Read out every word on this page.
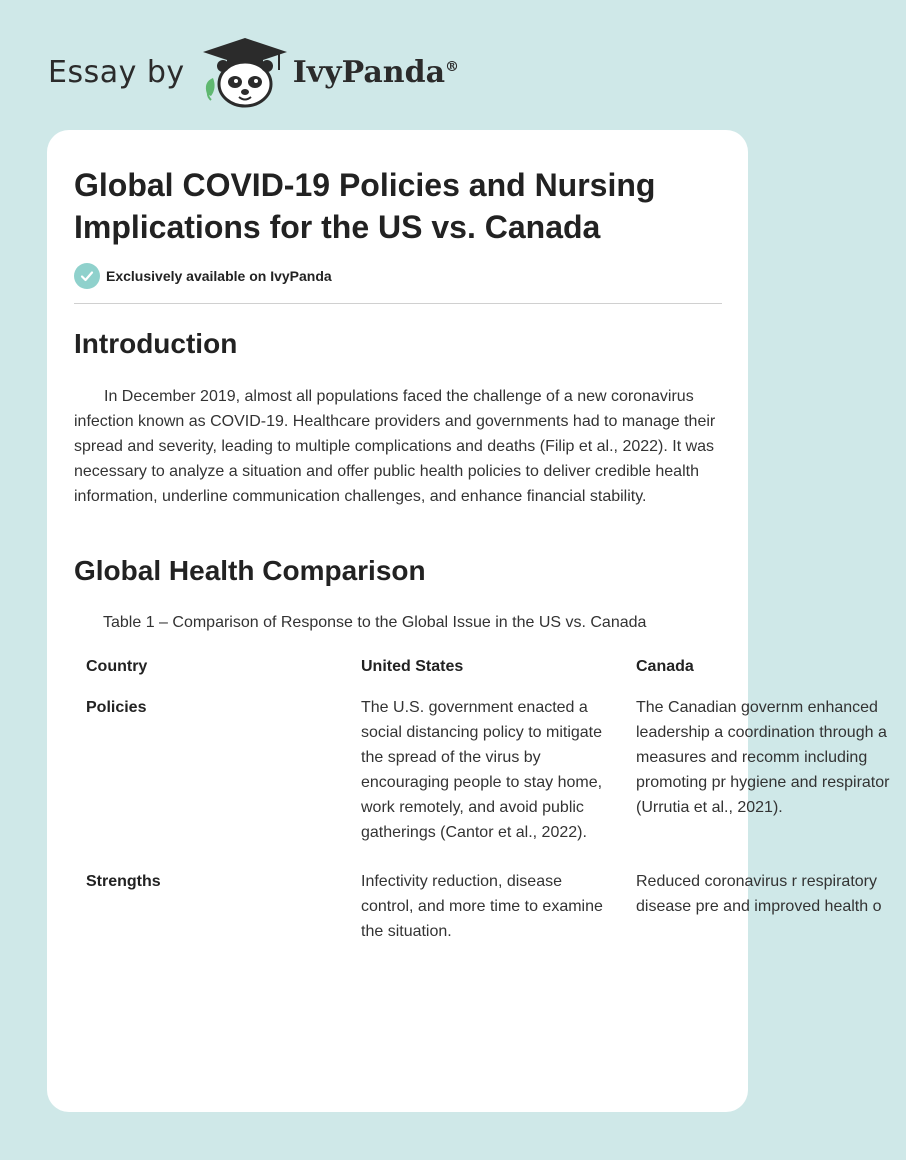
Essay by	IvyPanda®
Global COVID-19 Policies and Nursing Implications for the US vs. Canada
Exclusively available on IvyPanda
Introduction

In December 2019, almost all populations faced the challenge of a new coronavirus infection known as COVID-19. Healthcare providers and governments had to manage their spread and severity, leading to multiple complications and deaths (Filip et al., 2022). It was necessary to analyze a situation and offer public health policies to deliver credible health information, underline communication challenges, and enhance financial stability.

Global Health Comparison

Table 1 – Comparison of Response to the Global Issue in the US vs. Canada

Country	United States	Canada
Policies	The U.S. government enacted a social distancing policy to mitigate the spread of the virus by encouraging people to stay home, work remotely, and avoid public gatherings (Cantor et al., 2022).	The Canadian governm enhanced leadership a coordination through a measures and recomm including promoting pr hygiene and respirator (Urrutia et al., 2021).

Strengths	Infectivity reduction, disease control, and more time to examine the situation.	Reduced coronavirus r respiratory disease pre and improved health o
